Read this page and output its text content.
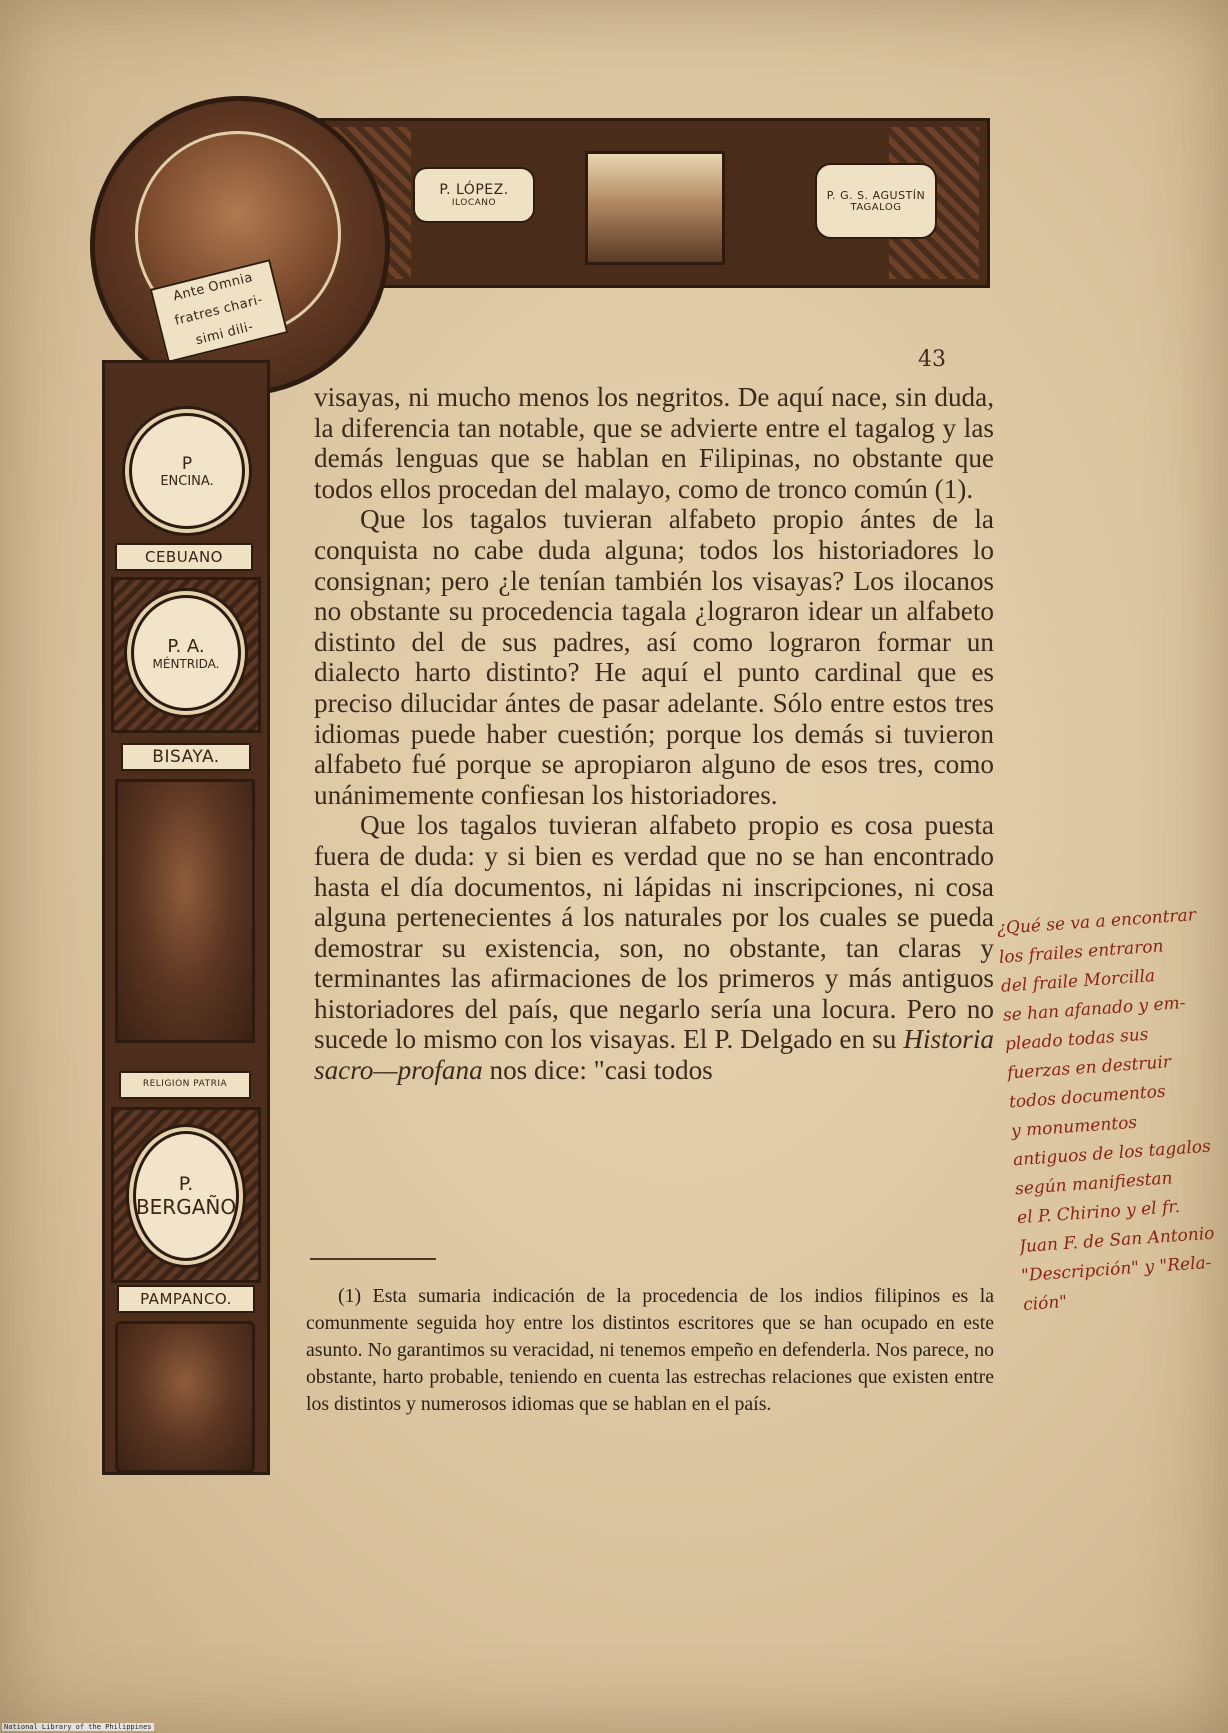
P. LÓPEZ.
ILOCANO
P. G. S. AGUSTÍN
TAGALOG
Ante Omnia
fratres chari-
simi dili-
P
ENCINA.
CEBUANO
P. A.
MÉNTRIDA.
BISAYA.
RELIGION PATRIA
P.
BERGAÑO
PAMPANCO.
43

visayas, ni mucho menos los negritos. De aquí nace, sin duda, la diferencia tan notable, que se advierte entre el tagalog y las demás lenguas que se hablan en Filipinas, no obstante que todos ellos procedan del malayo, como de tronco común (1).

Que los tagalos tuvieran alfabeto propio ántes de la conquista no cabe duda alguna; todos los historiadores lo consignan; pero ¿le tenían también los visayas? Los ilocanos no obstante su procedencia tagala ¿lograron idear un alfabeto distinto del de sus padres, así como lograron formar un dialecto harto distinto? He aquí el punto cardinal que es preciso dilucidar ántes de pasar adelante. Sólo entre estos tres idiomas puede haber cuestión; porque los demás si tuvieron alfabeto fué porque se apropiaron alguno de esos tres, como unánimemente confiesan los historiadores.

Que los tagalos tuvieran alfabeto propio es cosa puesta fuera de duda: y si bien es verdad que no se han encontrado hasta el día documentos, ni lápidas ni inscripciones, ni cosa alguna pertenecientes á los naturales por los cuales se pueda demostrar su existencia, son, no obstante, tan claras y terminantes las afirmaciones de los primeros y más antiguos historiadores del país, que negarlo sería una locura. Pero no sucede lo mismo con los visayas. El P. Delgado en su Historia sacro—profana nos dice: "casi todos

(1) Esta sumaria indicación de la procedencia de los indios filipinos es la comunmente seguida hoy entre los distintos escritores que se han ocupado en este asunto. No garantimos su veracidad, ni tenemos empeño en defenderla. Nos parece, no obstante, harto probable, teniendo en cuenta las estrechas relaciones que existen entre los distintos y numerosos idiomas que se hablan en el país.

¿Qué se va a encontrar
los frailes entraron
del fraile Morcilla
se han afanado y em-
pleado todas sus
fuerzas en destruir
todos documentos
y monumentos
antiguos de los tagalos
según manifiestan
el P. Chirino y el fr.
Juan F. de San Antonio
"Descripción" y "Rela-
ción"
National Library of the Philippines
